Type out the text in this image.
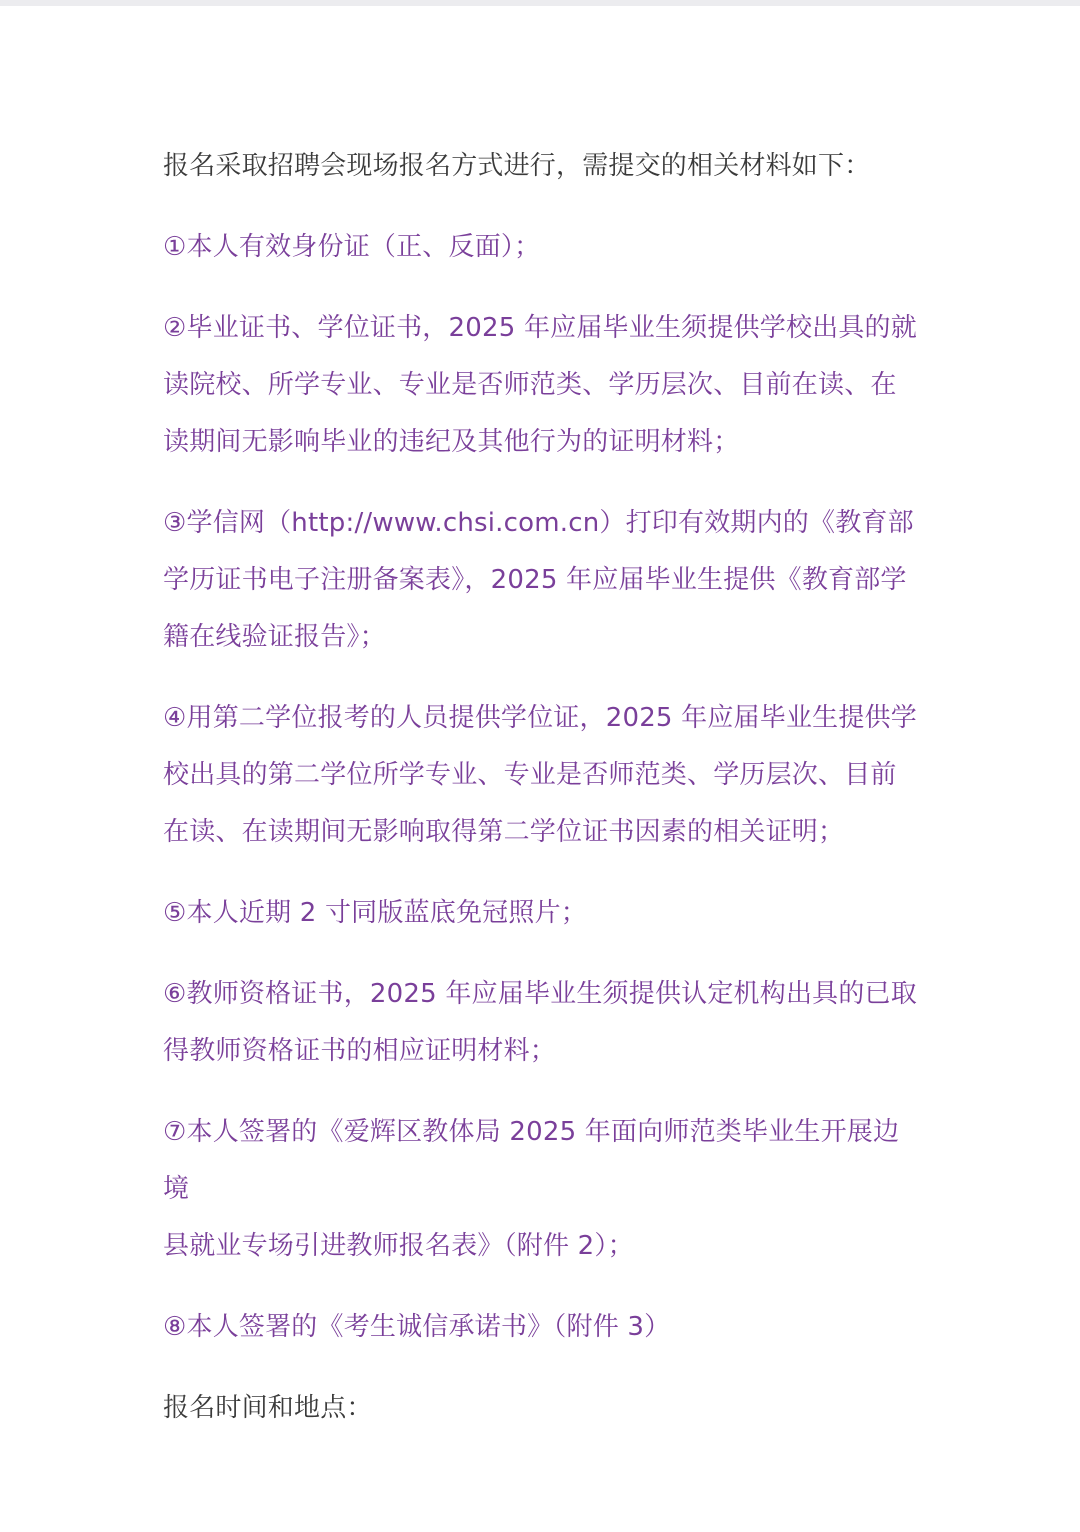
报名采取招聘会现场报名方式进行，需提交的相关材料如下：

①本人有效身份证（正、反面）；

②毕业证书、学位证书，2025 年应届毕业生须提供学校出具的就
读院校、所学专业、专业是否师范类、学历层次、目前在读、在
读期间无影响毕业的违纪及其他行为的证明材料；

③学信网（http://www.chsi.com.cn）打印有效期内的《教育部
学历证书电子注册备案表》，2025 年应届毕业生提供《教育部学
籍在线验证报告》；

④用第二学位报考的人员提供学位证，2025 年应届毕业生提供学
校出具的第二学位所学专业、专业是否师范类、学历层次、目前
在读、在读期间无影响取得第二学位证书因素的相关证明；

⑤本人近期 2 寸同版蓝底免冠照片；

⑥教师资格证书，2025 年应届毕业生须提供认定机构出具的已取
得教师资格证书的相应证明材料；

⑦本人签署的《爱辉区教体局 2025 年面向师范类毕业生开展边境
县就业专场引进教师报名表》（附件 2）；

⑧本人签署的《考生诚信承诺书》（附件 3）

报名时间和地点：
